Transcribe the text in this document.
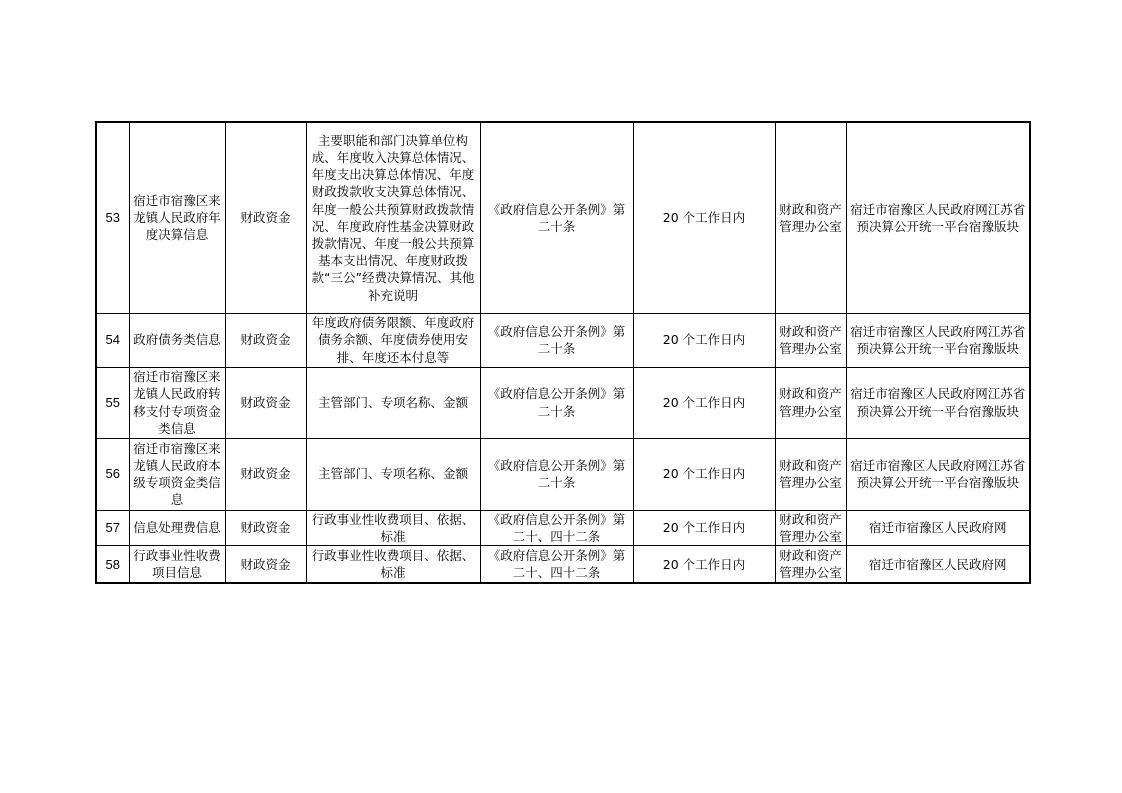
53	宿迁市宿豫区来龙镇人民政府年度决算信息	财政资金	主要职能和部门决算单位构成、年度收入决算总体情况、年度支出决算总体情况、年度财政拨款收支决算总体情况、年度一般公共预算财政拨款情况、年度政府性基金决算财政拨款情况、年度一般公共预算基本支出情况、年度财政拨款“三公”经费决算情况、其他补充说明	《政府信息公开条例》第二十条	20 个工作日内	财政和资产管理办公室	宿迁市宿豫区人民政府网江苏省预决算公开统一平台宿豫版块
54	政府债务类信息	财政资金	年度政府债务限额、年度政府债务余额、年度债券使用安排、年度还本付息等	《政府信息公开条例》第二十条	20 个工作日内	财政和资产管理办公室	宿迁市宿豫区人民政府网江苏省预决算公开统一平台宿豫版块
55	宿迁市宿豫区来龙镇人民政府转移支付专项资金类信息	财政资金	主管部门、专项名称、金额	《政府信息公开条例》第二十条	20 个工作日内	财政和资产管理办公室	宿迁市宿豫区人民政府网江苏省预决算公开统一平台宿豫版块
56	宿迁市宿豫区来龙镇人民政府本级专项资金类信息	财政资金	主管部门、专项名称、金额	《政府信息公开条例》第二十条	20 个工作日内	财政和资产管理办公室	宿迁市宿豫区人民政府网江苏省预决算公开统一平台宿豫版块
57	信息处理费信息	财政资金	行政事业性收费项目、依据、标准	《政府信息公开条例》第二十、四十二条	20 个工作日内	财政和资产管理办公室	宿迁市宿豫区人民政府网
58	行政事业性收费项目信息	财政资金	行政事业性收费项目、依据、标准	《政府信息公开条例》第二十、四十二条	20 个工作日内	财政和资产管理办公室	宿迁市宿豫区人民政府网
